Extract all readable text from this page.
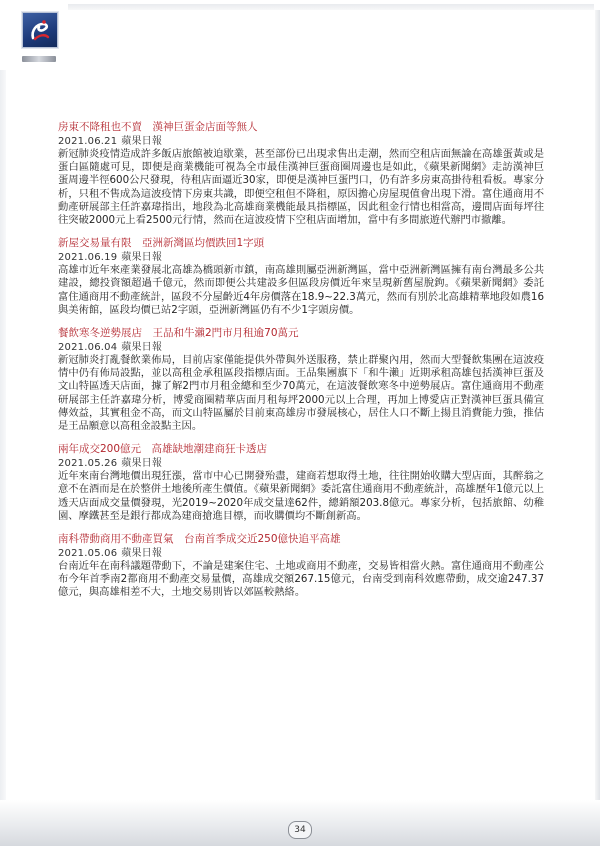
房東不降租也不賣　漢神巨蛋金店面等無人
2021.06.21 蘋果日報

新冠肺炎疫情造成許多飯店旅館被迫歇業，甚至部份已出現求售出走潮，然而空租店面無論在高雄蛋黃或是蛋白區隨處可見，即便是商業機能可視為全市最佳漢神巨蛋商圈周邊也是如此，《蘋果新聞網》走訪漢神巨蛋周邊半徑600公尺發現，待租店面逼近30家，即便是漢神巨蛋門口，仍有許多房東高掛待租看板。專家分析，只租不售成為這波疫情下房東共識，即便空租但不降租，原因擔心房屋現值會出現下滑。富住通商用不動產研展部主任許嘉瑋指出，地段為北高雄商業機能最具指標區，因此租金行情也相當高，邊間店面每坪往往突破2000元上看2500元行情，然而在這波疫情下空租店面增加，當中有多間旅遊代辦門市撤離。

新屋交易量有限　亞洲新灣區均價跌回1字頭
2021.06.19 蘋果日報

高雄市近年來產業發展北高雄為橋頭新市鎮，南高雄則屬亞洲新灣區，當中亞洲新灣區擁有南台灣最多公共建設，總投資額超過千億元，然而即便公共建設多但區段房價近年來呈現新舊屋脫鉤。《蘋果新聞網》委託富住通商用不動產統計，區段不分屋齡近4年房價落在18.9~22.3萬元，然而有別於北高雄精華地段如農16與美術館，區段均價已站2字頭，亞洲新灣區仍有不少1字頭房價。

餐飲寒冬逆勢展店　王品和牛瀨2門市月租逾70萬元
2021.06.04 蘋果日報

新冠肺炎打亂餐飲業佈局，目前店家僅能提供外帶與外送服務，禁止群聚內用，然而大型餐飲集團在這波疫情中仍有佈局設點，並以高租金承租區段指標店面。王品集團旗下「和牛瀨」近期承租高雄包括漢神巨蛋及文山特區透天店面，據了解2門市月租金總和至少70萬元，在這波餐飲寒冬中逆勢展店。富住通商用不動產研展部主任許嘉瑋分析，博愛商圈精華店面月租每坪2000元以上合理，再加上博愛店正對漢神巨蛋具備宣傳效益，其實租金不高，而文山特區屬於目前東高雄房市發展核心，居住人口不斷上揚且消費能力強，推估是王品願意以高租金設點主因。

兩年成交200億元　高雄缺地潮建商狂卡透店
2021.05.26 蘋果日報

近年來南台灣地價出現狂漲，當市中心已開發殆盡，建商若想取得土地，往往開始收購大型店面，其醉翁之意不在酒而是在於整併土地後所產生價值。《蘋果新聞網》委託富住通商用不動產統計，高雄歷年1億元以上透天店面成交量價發現，光2019~2020年成交量達62件，總銷額203.8億元。專家分析，包括旅館、幼稚園、摩鐵甚至是銀行都成為建商搶進目標，而收購價均不斷創新高。

南科帶動商用不動產買氣　台南首季成交近250億快追平高雄
2021.05.06 蘋果日報

台南近年在南科議題帶動下，不論是建案住宅、土地或商用不動產，交易皆相當火熱。富住通商用不動產公布今年首季南2都商用不動產交易量價，高雄成交額267.15億元，台南受到南科效應帶動，成交逾247.37億元，與高雄相差不大，土地交易則皆以郊區較熱絡。

34
